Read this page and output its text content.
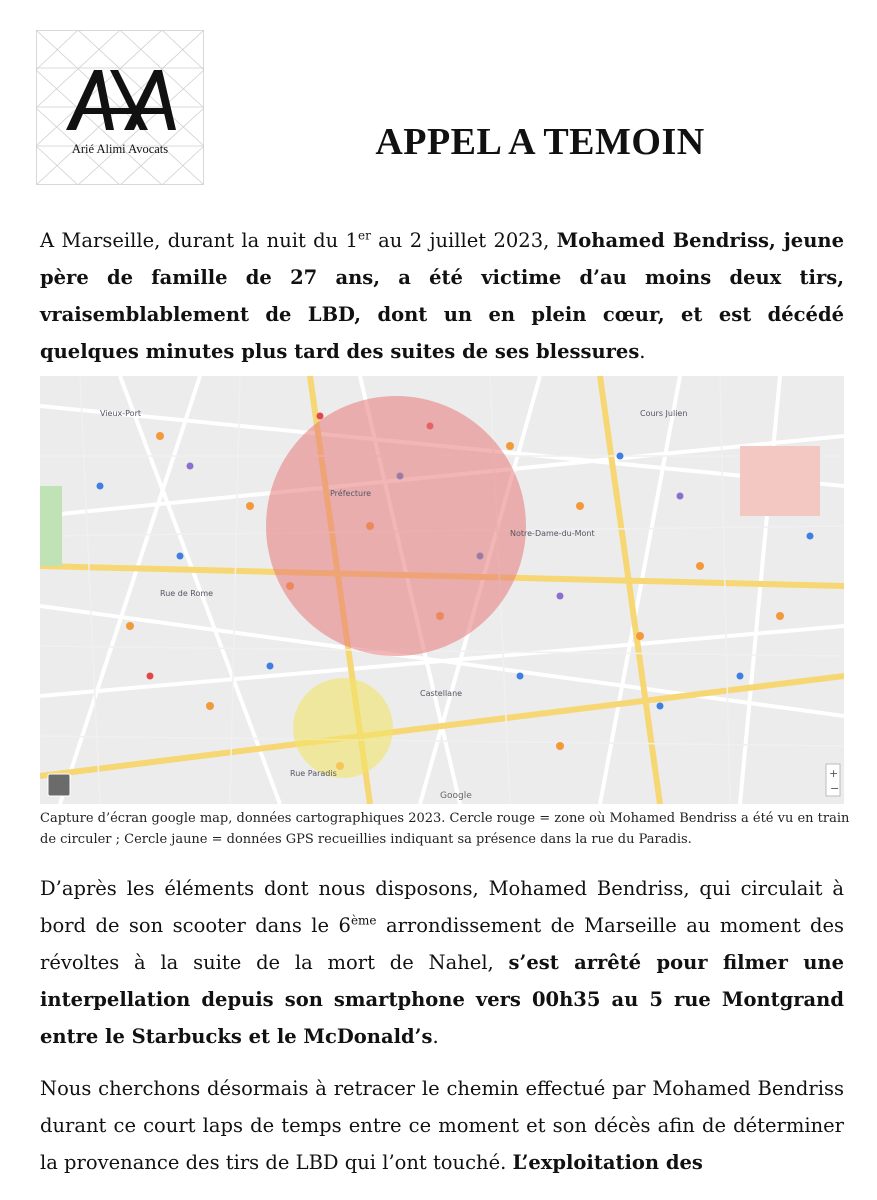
Arié Alimi Avocats	APPEL A TEMOIN
A Marseille, durant la nuit du 1er au 2 juillet 2023, Mohamed Bendriss, jeune père de famille de 27 ans, a été victime d’au moins deux tirs, vraisemblablement de LBD, dont un en plein cœur, et est décédé quelques minutes plus tard des suites de ses blessures.
Vieux-Port
Préfecture
Notre-Dame-du-Mont
Castellane
Cours Julien
Rue Paradis
Rue de Rome
Google
+
−
Capture d’écran google map, données cartographiques 2023. Cercle rouge = zone où Mohamed Bendriss a été vu en train de circuler ; Cercle jaune = données GPS recueillies indiquant sa présence dans la rue du Paradis.
D’après les éléments dont nous disposons, Mohamed Bendriss, qui circulait à bord de son scooter dans le 6ème arrondissement de Marseille au moment des révoltes à la suite de la mort de Nahel, s’est arrêté pour filmer une interpellation depuis son smartphone vers 00h35 au 5 rue Montgrand entre le Starbucks et le McDonald’s.
Nous cherchons désormais à retracer le chemin effectué par Mohamed Bendriss durant ce court laps de temps entre ce moment et son décès afin de déterminer la provenance des tirs de LBD qui l’ont touché. L’exploitation des
